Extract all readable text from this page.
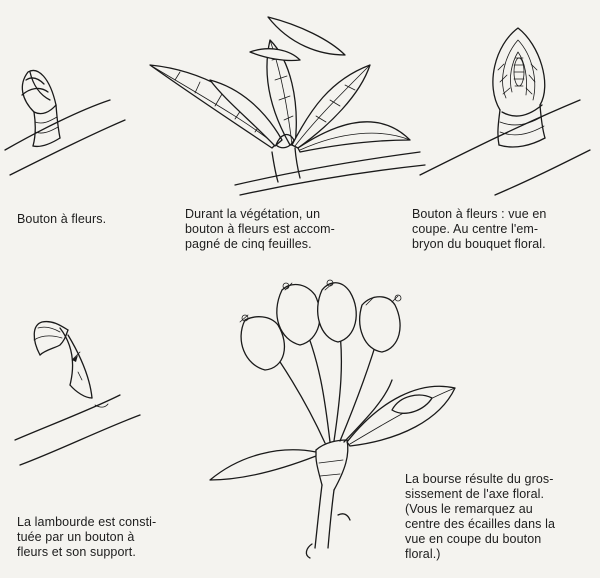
Bouton à fleurs.	Durant la végétation, un
bouton à fleurs est accom-
pagné de cinq feuilles.
Bouton à fleurs : vue en
coupe. Au centre l'em-
bryon du bouquet floral.
La lambourde est consti-
tuée par un bouton à
fleurs et son support.
La bourse résulte du gros-
sissement de l'axe floral.
(Vous le remarquez au
centre des écailles dans la
vue en coupe du bouton
floral.)
